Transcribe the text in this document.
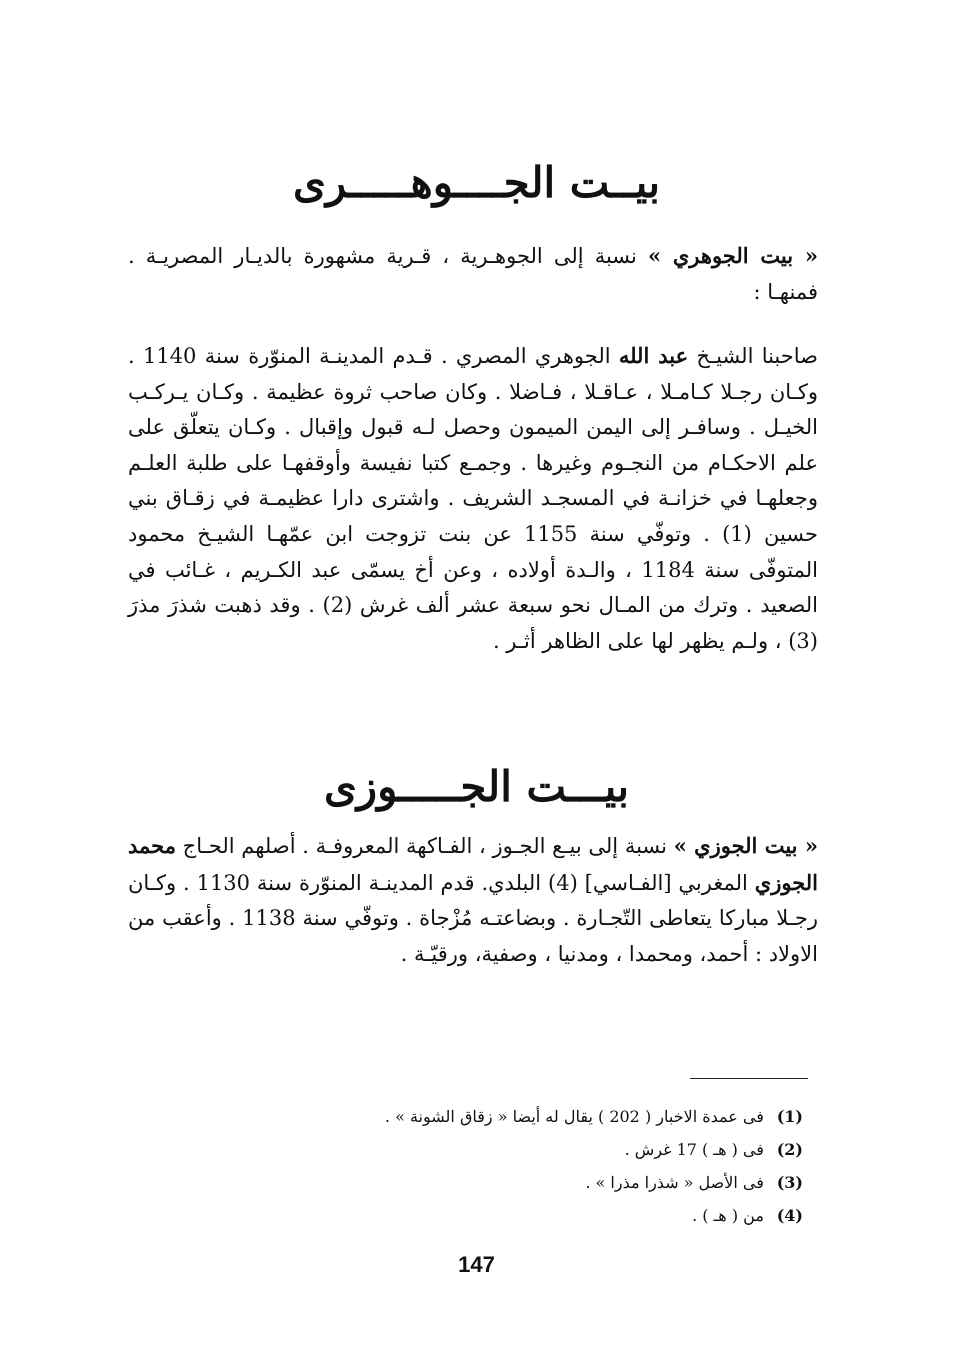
بيــت الجــــوهـــــرى

« بيت الجوهري » نسبة إلى الجوهـرية ، قـرية مشهورة بالديـار المصريـة . فمنهـا :

صاحبنا الشيـخ عبد الله الجوهري المصري . قـدم المدينـة المنوّرة سنة 1140 . وكـان رجـلا كـامـلا ، عـاقـلا ، فـاضلا . وكان صاحب ثروة عظيمة . وكـان يـركـب الخيـل . وسافـر إلى اليمن الميمون وحصل لـه قبول وإقبال . وكـان يتعلّق على علم الاحكـام من النجـوم وغيرها . وجمـع كتبا نفيسة وأوقفهـا على طلبة العلـم وجعلهـا في خزانـة في المسجـد الشريف . واشترى دارا عظيمـة في زقـاق بني حسين (1) . وتوفّي سنة 1155 عن بنت تزوجت ابن عمّهـا الشيـخ محمود المتوفّى سنة 1184 ، والـدة أولاده ، وعن أخ يسمّى عبد الكـريم ، غـائب في الصعيد . وترك من المـال نحو سبعة عشر ألف غرش (2) . وقد ذهبت شذرَ مذرَ (3) ، ولـم يظهر لها على الظاهر أثـر .

بيـــت الجـــــوزى

« بيت الجوزي » نسبة إلى بيـع الجـوز ، الفـاكهة المعروفـة . أصلهم الحـاج محمد الجوزي المغربي [الفـاسي] (4) البلدي. قدم المدينـة المنوّرة سنة 1130 . وكـان رجـلا مباركا يتعاطى التّجـارة . وبضاعتـه مُزْجاة . وتوفّي سنة 1138 . وأعقب من الاولاد : أحمد، ومحمدا ، ومدنيا ، وصفية، ورقيّـة .

(1) فى عمدة الاخبار ( 202 ) يقال له أيضا « زقاق الشونة » .
(2) فى ( هـ ) 17 غرش .
(3) فى الأصل « شذرا مذرا » .
(4) من ( هـ ) .
147
